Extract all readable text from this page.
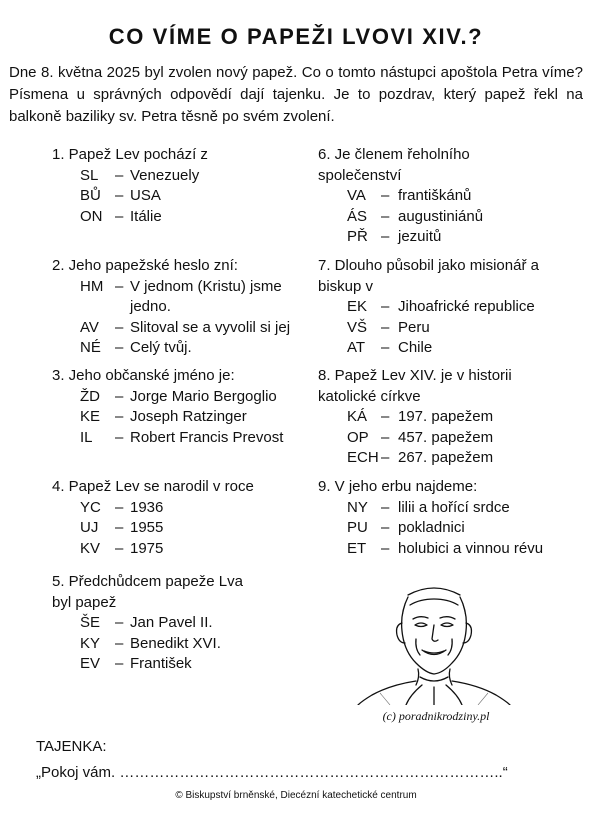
CO VÍME O PAPEŽI LVOVI XIV.?
Dne 8. května 2025 byl zvolen nový papež. Co o tomto nástupci apoštola Petra víme? Písmena u správných odpovědí dají tajenku. Je to pozdrav, který papež řekl na balkoně baziliky sv. Petra těsně po svém zvolení.
1. Papež Lev pochází z
SL	– Venezuely
BŮ – USA
ON – Itálie
2. Jeho papežské heslo zní:
HM – V jednom (Kristu) jsme jedno.
AV	– Slitoval se a vyvolil si jej
NÉ – Celý tvůj.
3. Jeho občanské jméno je:
ŽD	– Jorge Mario Bergoglio
KE – Joseph Ratzinger
IL	– Robert Francis Prevost
4. Papež Lev se narodil v roce
YC – 1936
UJ	– 1955
KV – 1975
5. Předchůdcem papeže Lva
byl papež
ŠE – Jan Pavel II.
KY – Benedikt XVI.
EV – František
6. Je členem řeholního společenství
VA	– františkánů
ÁS – augustiniánů
PŘ – jezuitů
7. Dlouho působil jako misionář a biskup v
EK – Jihoafrické republice
VŠ – Peru
AT	– Chile
8. Papež Lev XIV. je v historii katolické církve
KÁ – 197. papežem
OP – 457. papežem
ECH – 267. papežem
9. V jeho erbu najdeme:
NY – lilii a hořící srdce
PU – pokladnici
ET – holubici a vinnou révu
(c) poradnikrodziny.pl
TAJENKA:
„Pokoj vám. …………………………………………………………………..“
© Biskupství brněnské, Diecézní katechetické centrum
